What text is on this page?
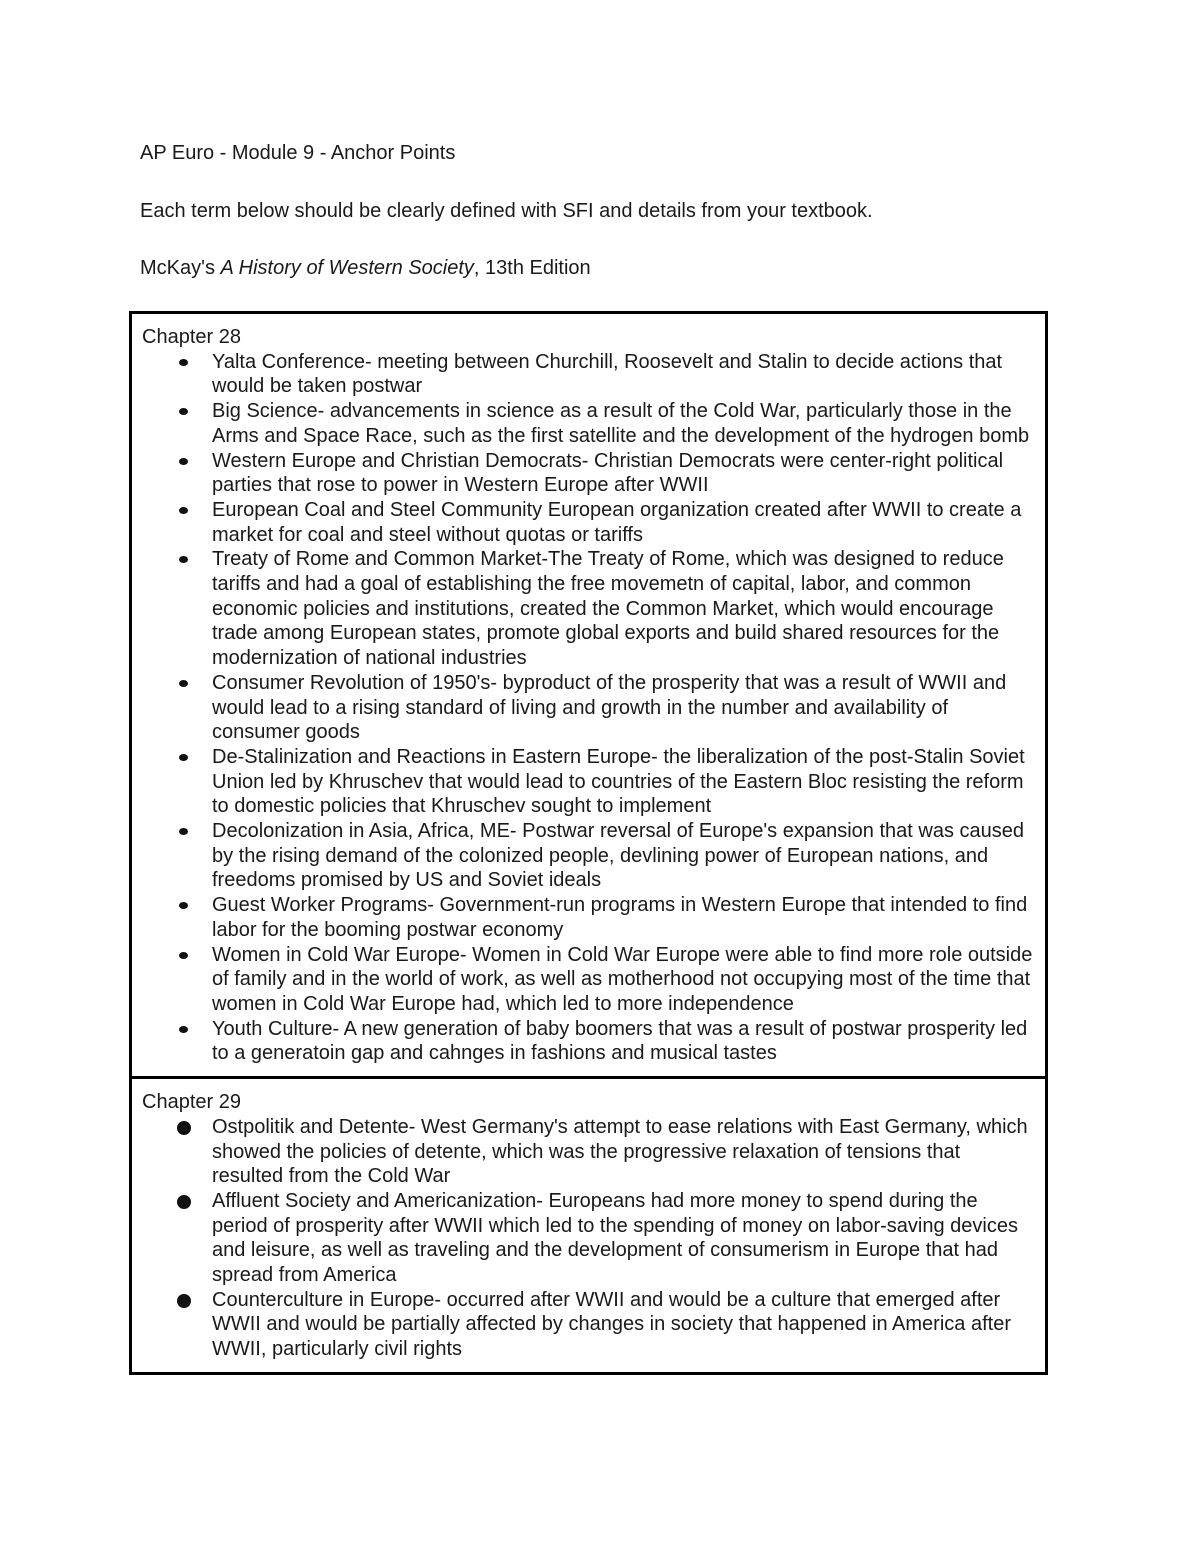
AP Euro - Module 9 - Anchor Points
Each term below should be clearly defined with SFI and details from your textbook.
McKay's A History of Western Society, 13th Edition
Chapter 28
Yalta Conference- meeting between Churchill, Roosevelt and Stalin to decide actions that would be taken postwar
Big Science- advancements in science as a result of the Cold War, particularly those in the Arms and Space Race, such as the first satellite and the development of the hydrogen bomb
Western Europe and Christian Democrats- Christian Democrats were center-right political parties that rose to power in Western Europe after WWII
European Coal and Steel Community European organization created after WWII to create a market for coal and steel without quotas or tariffs
Treaty of Rome and Common Market-The Treaty of Rome, which was designed to reduce tariffs and had a goal of establishing the free movemetn of capital, labor, and common economic policies and institutions, created the Common Market, which would encourage trade among European states, promote global exports and build shared resources for the modernization of national industries
Consumer Revolution of 1950's- byproduct of the prosperity that was a result of WWII and would lead to a rising standard of living and growth in the number and availability of consumer goods
De-Stalinization and Reactions in Eastern Europe- the liberalization of the post-Stalin Soviet Union led by Khruschev that would lead to countries of the Eastern Bloc resisting the reform to domestic policies that Khruschev sought to implement
Decolonization in Asia, Africa, ME- Postwar reversal of Europe's expansion that was caused by the rising demand of the colonized people, devlining power of European nations, and freedoms promised by US and Soviet ideals
Guest Worker Programs- Government-run programs in Western Europe that intended to find labor for the booming postwar economy
Women in Cold War Europe- Women in Cold War Europe were able to find more role outside of family and in the world of work, as well as motherhood not occupying most of the time that women in Cold War Europe had, which led to more independence
Youth Culture- A new generation of baby boomers that was a result of postwar prosperity led to a generatoin gap and cahnges in fashions and musical tastes
Chapter 29
Ostpolitik and Detente- West Germany's attempt to ease relations with East Germany, which showed the policies of detente, which was the progressive relaxation of tensions that resulted from the Cold War
Affluent Society and Americanization- Europeans had more money to spend during the period of prosperity after WWII which led to the spending of money on labor-saving devices and leisure, as well as traveling and the development of consumerism in Europe that had spread from America
Counterculture in Europe- occurred after WWII and would be a culture that emerged after WWII and would be partially affected by changes in society that happened in America after WWII, particularly civil rights
